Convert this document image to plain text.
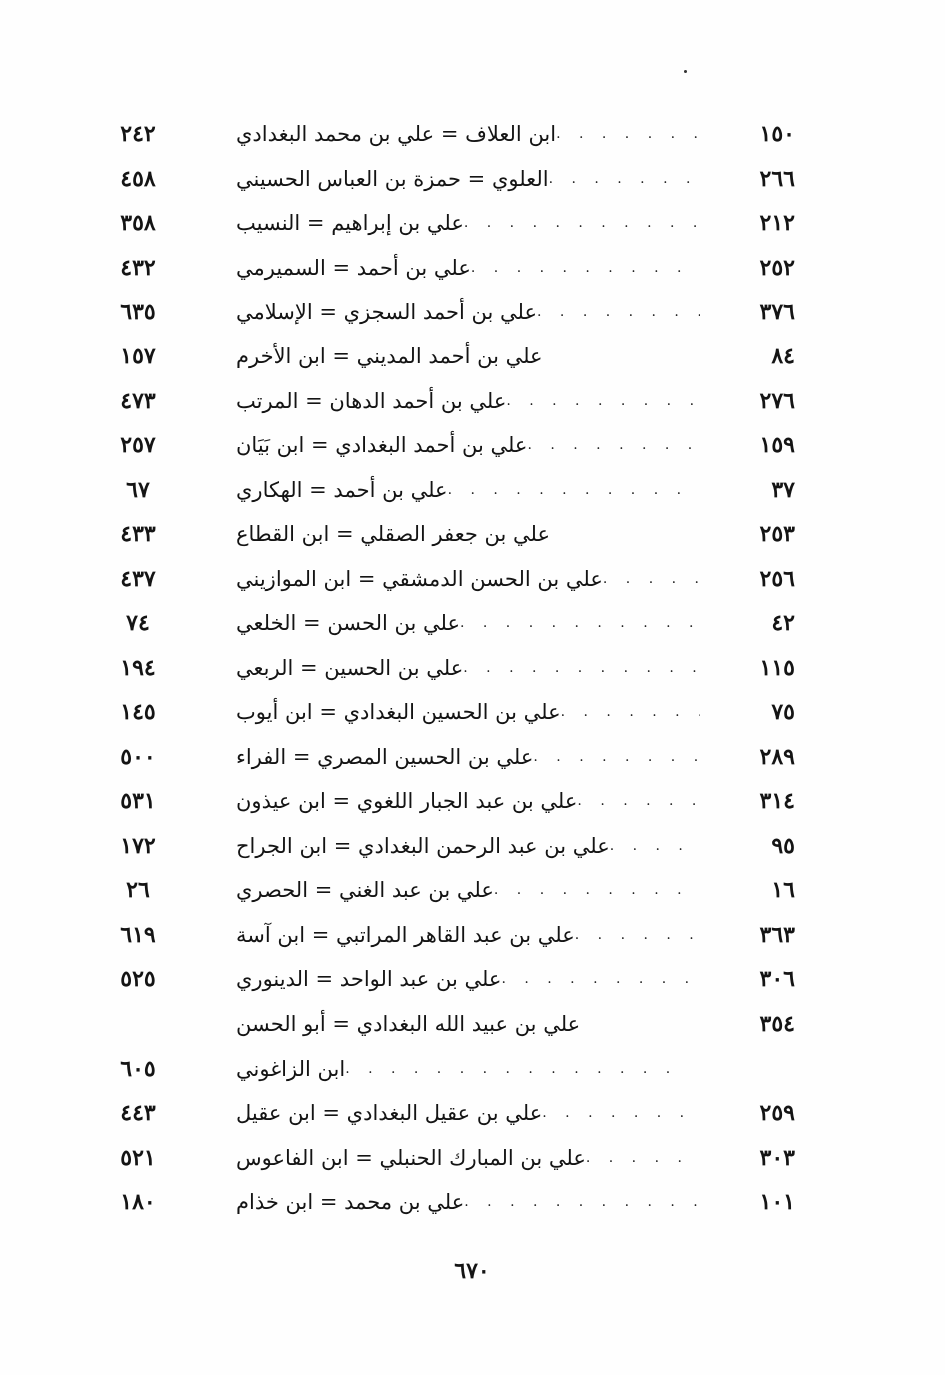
١٥٠
ابن العلاف = علي بن محمد البغدادي
. . .
٢٤٢
٢٦٦
العلوي = حمزة بن العباس الحسيني
. . .
٤٥٨
٢١٢
علي بن إبراهيم = النسيب
. . .
٣٥٨
٢٥٢
علي بن أحمد = السميرمي
. . .
٤٣٢
٣٧٦
علي بن أحمد السجزي = الإسلامي
. . .
٦٣٥
٨٤
علي بن أحمد المديني = ابن الأخرم
١٥٧
٢٧٦
علي بن أحمد الدهان = المرتب
. . .
٤٧٣
١٥٩
علي بن أحمد البغدادي = ابن بَيَان
. . .
٢٥٧
٣٧
علي بن أحمد = الهكاري
. . .
٦٧
٢٥٣
علي بن جعفر الصقلي = ابن القطاع
٤٣٣
٢٥٦
علي بن الحسن الدمشقي = ابن الموازيني
. . .
٤٣٧
٤٢
علي بن الحسن = الخلعي
. . .
٧٤
١١٥
علي بن الحسين = الربعي
. . .
١٩٤
٧٥
علي بن الحسين البغدادي = ابن أيوب
. . .
١٤٥
٢٨٩
علي بن الحسين المصري = الفراء
. . .
٥٠٠
٣١٤
علي بن عبد الجبار اللغوي = ابن عيذون
. . .
٥٣١
٩٥
علي بن عبد الرحمن البغدادي = ابن الجراح
. . .
١٧٢
١٦
علي بن عبد الغني = الحصري
. . .
٢٦
٣٦٣
علي بن عبد القاهر المراتبي = ابن آسة
. . .
٦١٩
٣٠٦
علي بن عبد الواحد = الدينوري
. . .
٥٢٥
٣٥٤
علي بن عبيد الله البغدادي = أبو الحسن
ابن الزاغوني
. . .
٦٠٥
٢٥٩
علي بن عقيل البغدادي = ابن عقيل
. . .
٤٤٣
٣٠٣
علي بن المبارك الحنبلي = ابن الفاعوس
. . .
٥٢١
١٠١
علي بن محمد = ابن خذام
. . .
١٨٠
٦٧٠
